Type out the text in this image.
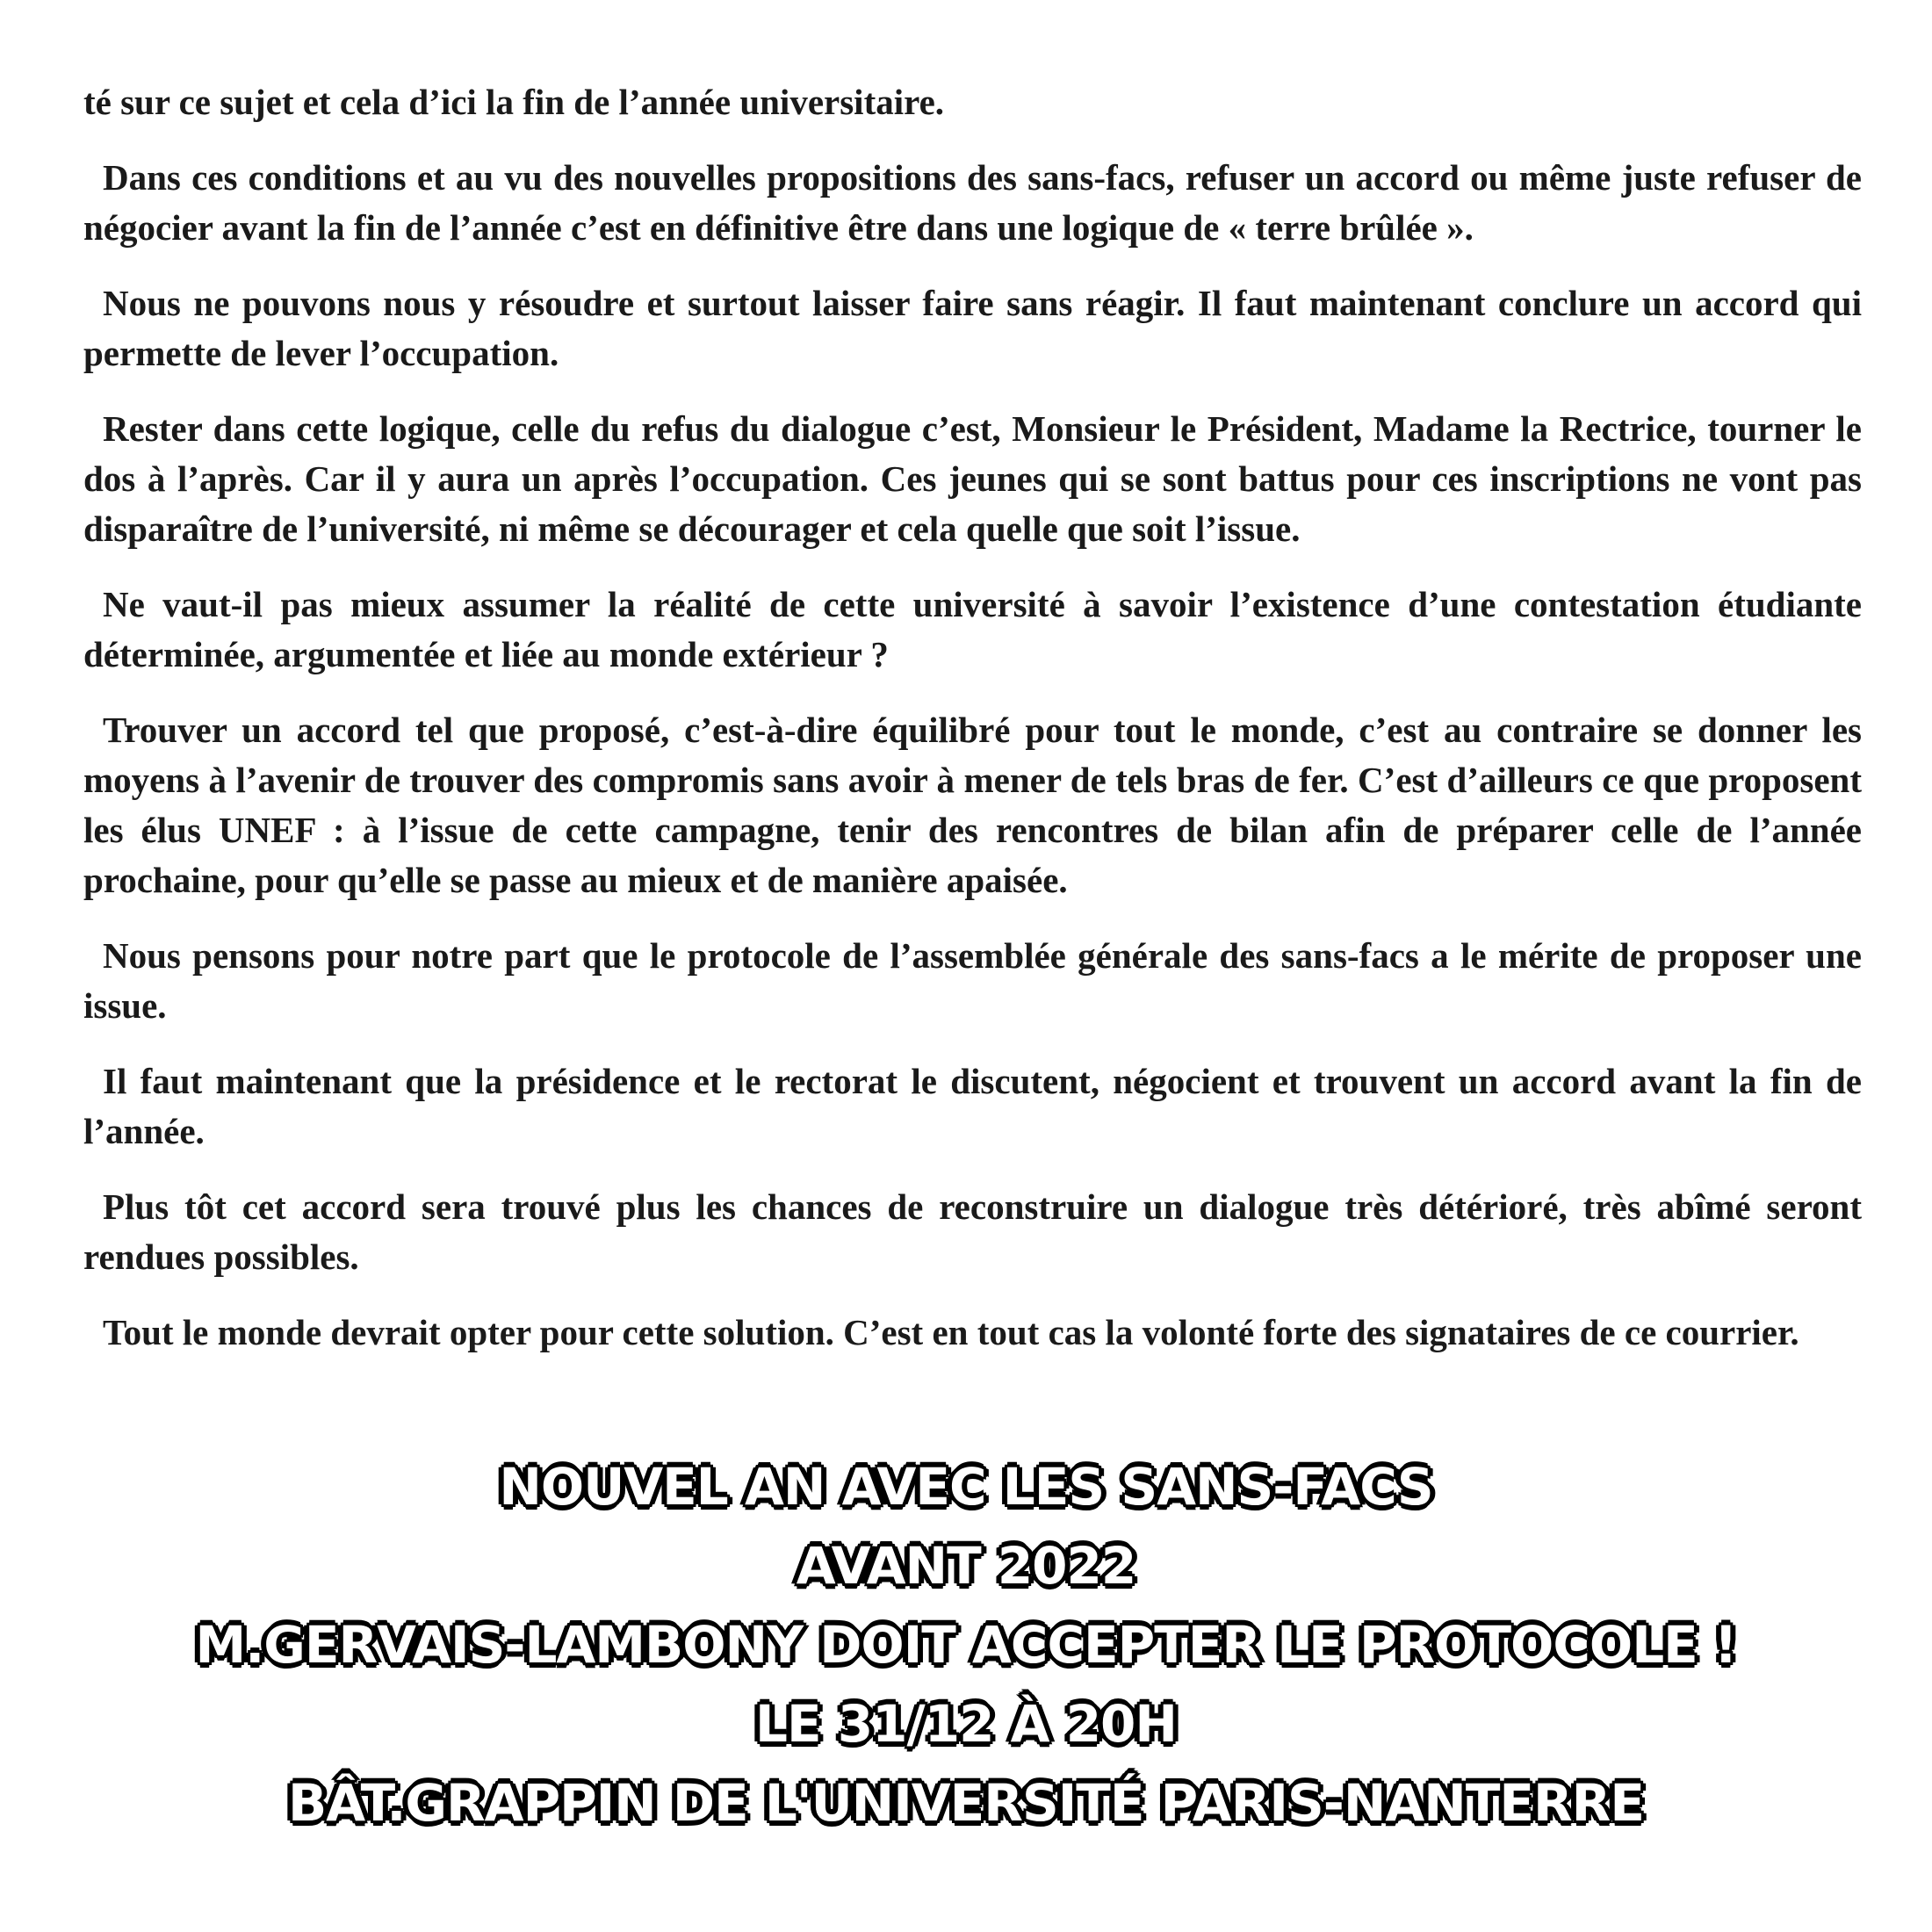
té sur ce sujet et cela d’ici la fin de l’année universitaire.

Dans ces conditions et au vu des nouvelles propositions des sans-facs, refuser un accord ou même juste refuser de négocier avant la fin de l’année c’est en définitive être dans une logique de « terre brûlée ».

Nous ne pouvons nous y résoudre et surtout laisser faire sans réagir. Il faut maintenant conclure un accord qui permette de lever l’occupation.

Rester dans cette logique, celle du refus du dialogue c’est, Monsieur le Président, Madame la Rectrice, tourner le dos à l’après. Car il y aura un après l’occupation. Ces jeunes qui se sont battus pour ces inscriptions ne vont pas disparaître de l’université, ni même se décourager et cela quelle que soit l’issue.

Ne vaut-il pas mieux assumer la réalité de cette université à savoir l’existence d’une contestation étudiante déterminée, argumentée et liée au monde extérieur ?

Trouver un accord tel que proposé, c’est-à-dire équilibré pour tout le monde, c’est au contraire se donner les moyens à l’avenir de trouver des compromis sans avoir à mener de tels bras de fer. C’est d’ailleurs ce que proposent les élus UNEF : à l’issue de cette campagne, tenir des rencontres de bilan afin de préparer celle de l’année prochaine, pour qu’elle se passe au mieux et de manière apaisée.

Nous pensons pour notre part que le protocole de l’assemblée générale des sans-facs a le mérite de proposer une issue.

Il faut maintenant que la présidence et le rectorat le discutent, négocient et trouvent un accord avant la fin de l’année.

Plus tôt cet accord sera trouvé plus les chances de reconstruire un dialogue très détérioré, très abîmé seront rendues possibles.

Tout le monde devrait opter pour cette solution. C’est en tout cas la volonté forte des signataires de ce courrier.

NOUVEL AN AVEC LES SANS-FACS
AVANT 2022
M.GERVAIS-LAMBONY DOIT ACCEPTER LE PROTOCOLE !
LE 31/12 À 20H
BÂT.GRAPPIN DE L'UNIVERSITÉ PARIS-NANTERRE
